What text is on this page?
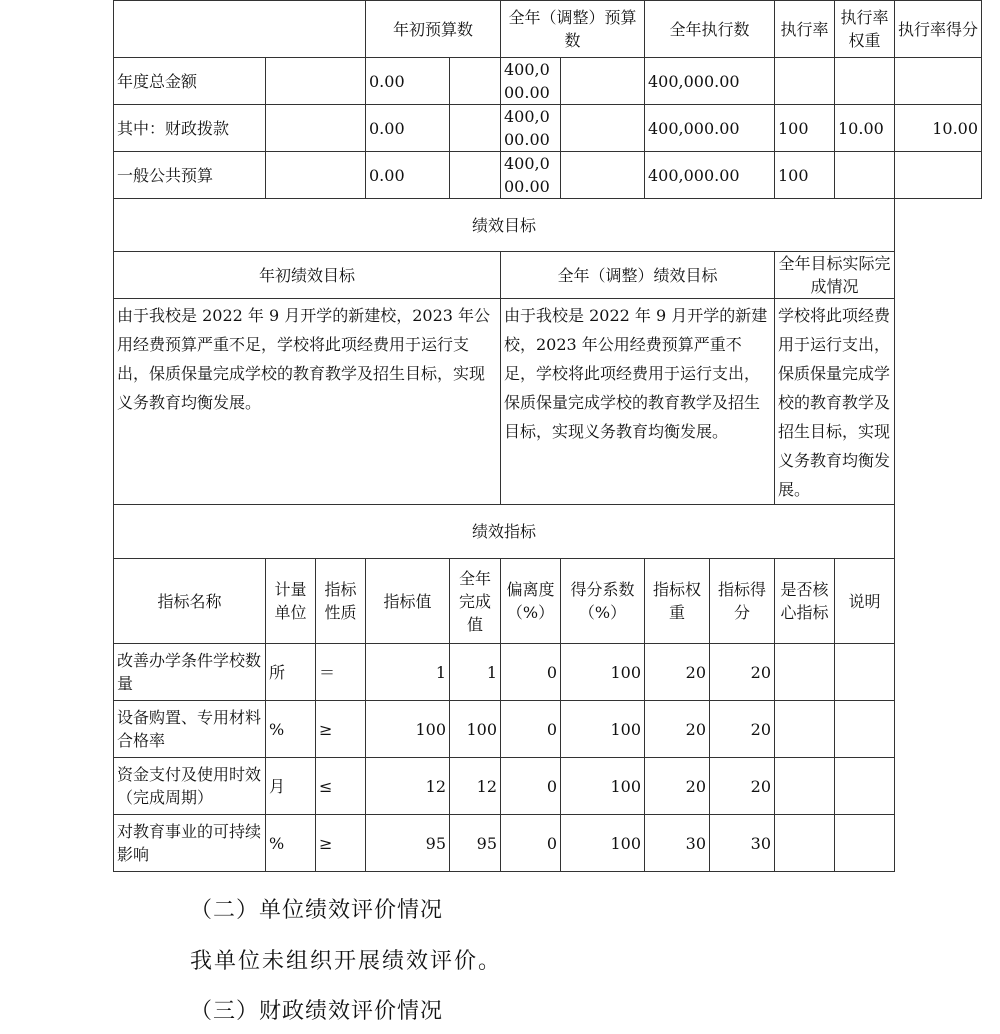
			年初预算数		全年（调整）预算数		全年执行数		执行率	执行率权重	执行率得分
年度总金额			0.00		400,000.00		400,000.00				
其中：财政拨款			0.00		400,000.00		400,000.00		100	10.00	10.00
一般公共预算			0.00		400,000.00		400,000.00		100		
绩效目标											
年初绩效目标					全年（调整）绩效目标				全年目标实际完成情况		
由于我校是 2022 年 9 月开学的新建校，2023 年公用经费预算严重不足，学校将此项经费用于运行支出，保质保量完成学校的教育教学及招生目标，实现义务教育均衡发展。					由于我校是 2022 年 9 月开学的新建校，2023 年公用经费预算严重不足，学校将此项经费用于运行支出，保质保量完成学校的教育教学及招生目标，实现义务教育均衡发展。				学校将此项经费用于运行支出，保质保量完成学校的教育教学及招生目标，实现义务教育均衡发展。		
绩效指标											
指标名称	计量单位	指标性质	指标值	全年完成值	偏离度（%）	得分系数（%）	指标权重	指标得分	是否核心指标	说明	
改善办学条件学校数量	所	＝	1	1	0	100	20	20			
设备购置、专用材料合格率	%	≥	100	100	0	100	20	20			
资金支付及使用时效（完成周期）	月	≤	12	12	0	100	20	20			
对教育事业的可持续影响	%	≥	95	95	0	100	30	30			
（二）单位绩效评价情况
我单位未组织开展绩效评价。
（三）财政绩效评价情况
